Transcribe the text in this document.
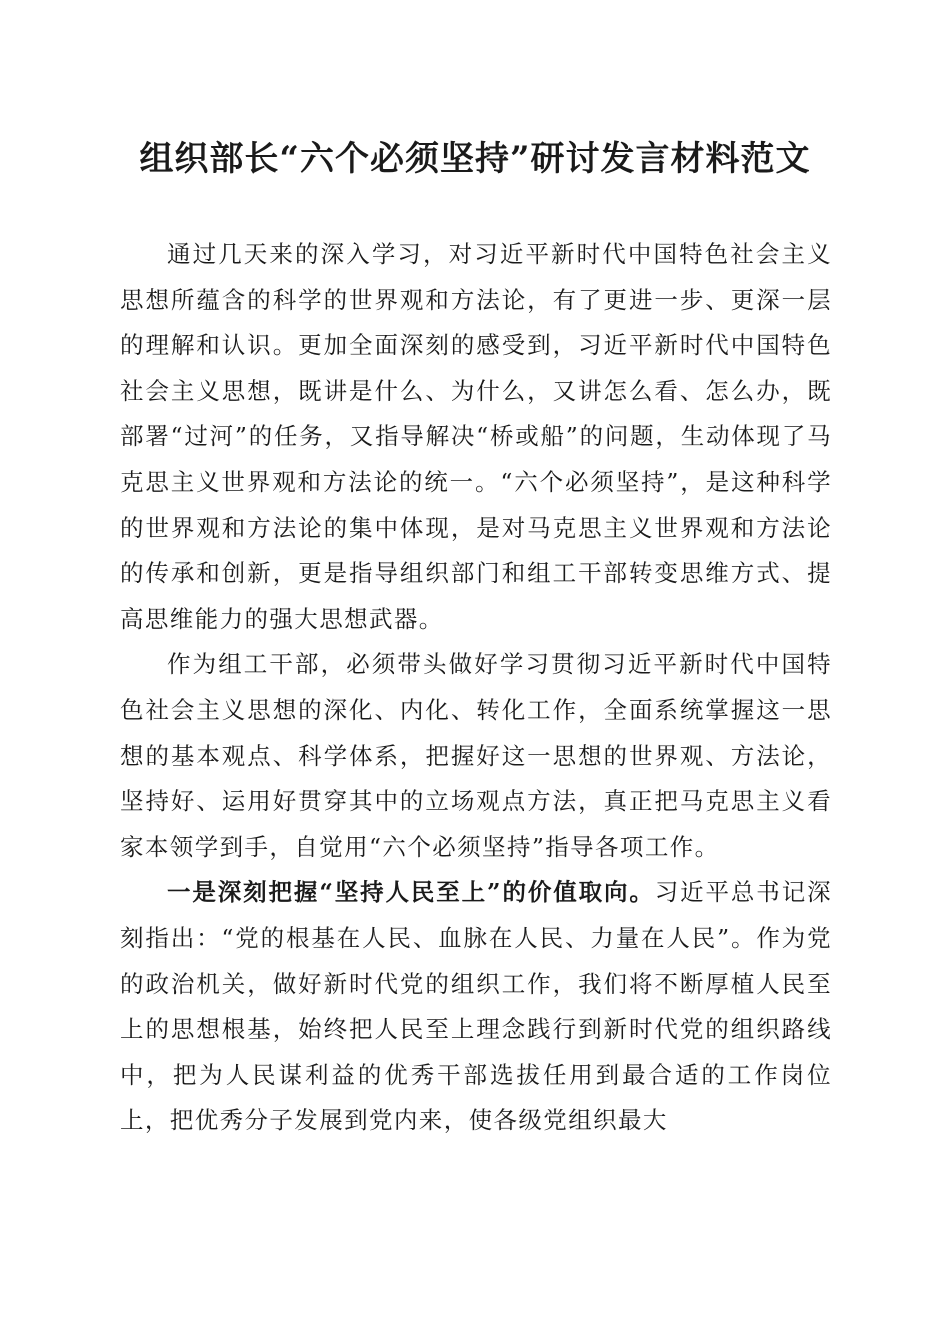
组织部长“六个必须坚持”研讨发言材料范文

通过几天来的深入学习，对习近平新时代中国特色社会主义思想所蕴含的科学的世界观和方法论，有了更进一步、更深一层的理解和认识。更加全面深刻的感受到，习近平新时代中国特色社会主义思想，既讲是什么、为什么，又讲怎么看、怎么办，既部署“过河”的任务，又指导解决“桥或船”的问题，生动体现了马克思主义世界观和方法论的统一。“六个必须坚持”，是这种科学的世界观和方法论的集中体现，是对马克思主义世界观和方法论的传承和创新，更是指导组织部门和组工干部转变思维方式、提高思维能力的强大思想武器。

作为组工干部，必须带头做好学习贯彻习近平新时代中国特色社会主义思想的深化、内化、转化工作，全面系统掌握这一思想的基本观点、科学体系，把握好这一思想的世界观、方法论，坚持好、运用好贯穿其中的立场观点方法，真正把马克思主义看家本领学到手，自觉用“六个必须坚持”指导各项工作。

一是深刻把握“坚持人民至上”的价值取向。习近平总书记深刻指出：“党的根基在人民、血脉在人民、力量在人民”。作为党的政治机关，做好新时代党的组织工作，我们将不断厚植人民至上的思想根基，始终把人民至上理念践行到新时代党的组织路线中，把为人民谋利益的优秀干部选拔任用到最合适的工作岗位上，把优秀分子发展到党内来，使各级党组织最大
